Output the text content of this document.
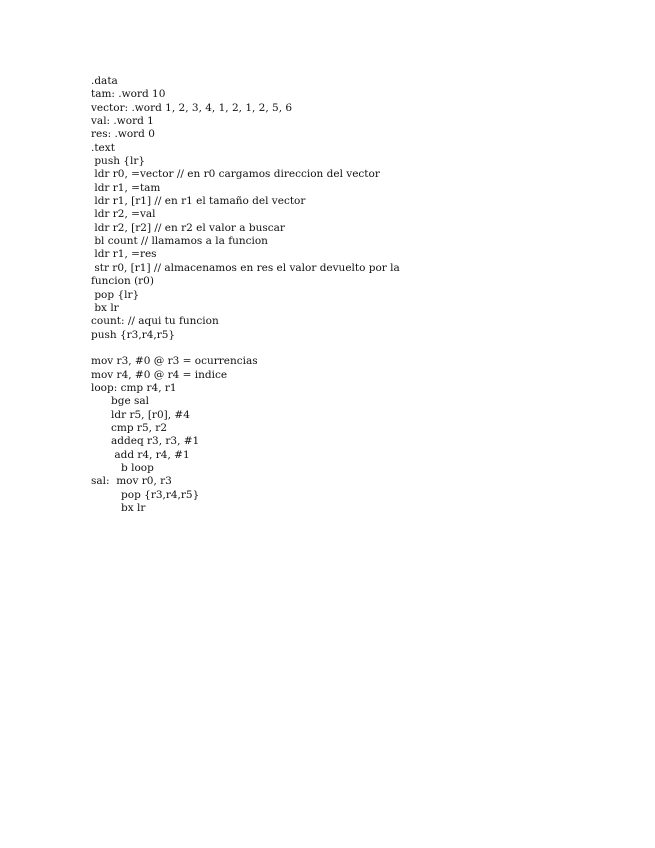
.data
tam: .word 10
vector: .word 1, 2, 3, 4, 1, 2, 1, 2, 5, 6
val: .word 1
res: .word 0
.text
push {lr}
ldr r0, =vector // en r0 cargamos direccion del vector
ldr r1, =tam
ldr r1, [r1] // en r1 el tamaño del vector
ldr r2, =val
ldr r2, [r2] // en r2 el valor a buscar
bl count // llamamos a la funcion
ldr r1, =res
str r0, [r1] // almacenamos en res el valor devuelto por la
funcion (r0)
pop {lr}
bx lr
count: // aqui tu funcion
push {r3,r4,r5}
mov r3, #0 @ r3 = ocurrencias
mov r4, #0 @ r4 = indice
loop: cmp r4, r1
bge sal
ldr r5, [r0], #4
cmp r5, r2
addeq r3, r3, #1
add r4, r4, #1
b loop
sal:  mov r0, r3
pop {r3,r4,r5}
bx lr
